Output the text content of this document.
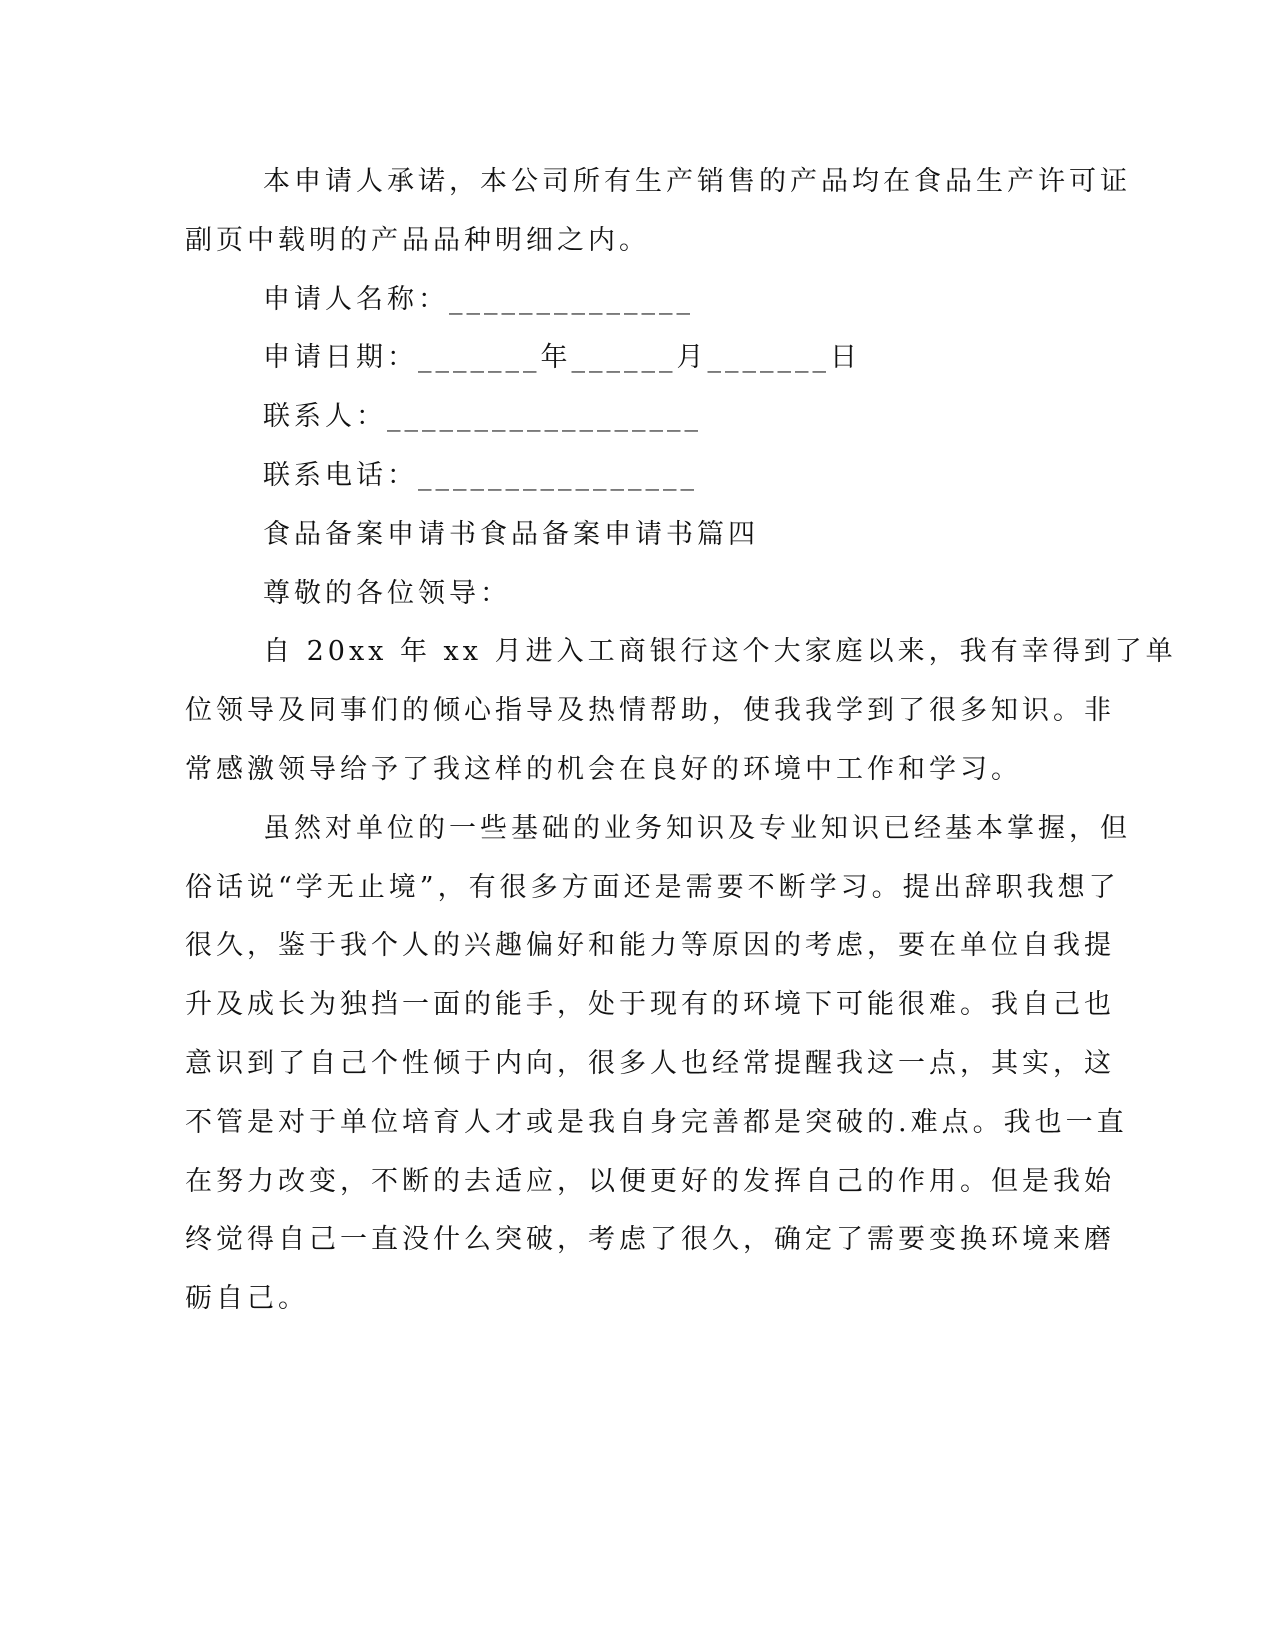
本申请人承诺，本公司所有生产销售的产品均在食品生产许可证
副页中载明的产品品种明细之内。
申请人名称：______________
申请日期：_______年______月_______日
联系人：__________________
联系电话：________________
食品备案申请书食品备案申请书篇四
尊敬的各位领导：
自 20xx 年 xx 月进入工商银行这个大家庭以来，我有幸得到了单
位领导及同事们的倾心指导及热情帮助，使我我学到了很多知识。非
常感激领导给予了我这样的机会在良好的环境中工作和学习。
虽然对单位的一些基础的业务知识及专业知识已经基本掌握，但
俗话说“学无止境”，有很多方面还是需要不断学习。提出辞职我想了
很久，鉴于我个人的兴趣偏好和能力等原因的考虑，要在单位自我提
升及成长为独挡一面的能手，处于现有的环境下可能很难。我自己也
意识到了自己个性倾于内向，很多人也经常提醒我这一点，其实，这
不管是对于单位培育人才或是我自身完善都是突破的.难点。我也一直
在努力改变，不断的去适应，以便更好的发挥自己的作用。但是我始
终觉得自己一直没什么突破，考虑了很久，确定了需要变换环境来磨
砺自己。
